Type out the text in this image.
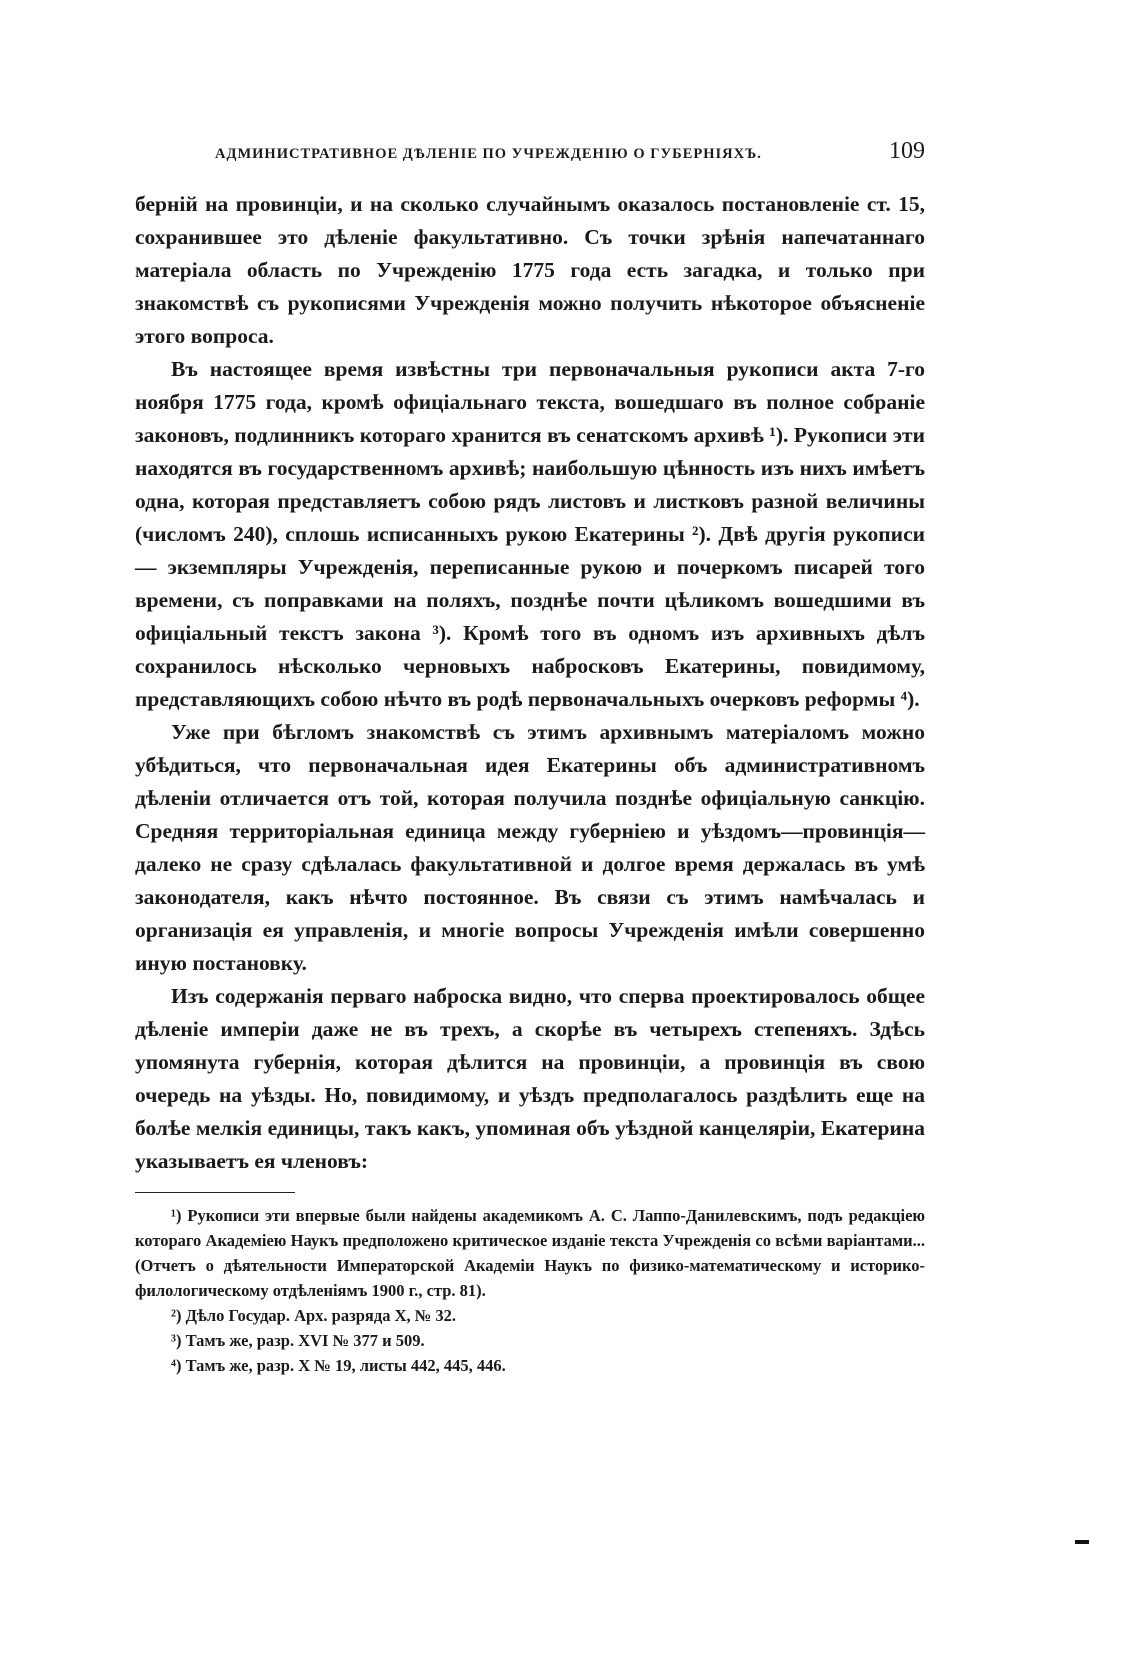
АДМИНИСТРАТИВНОЕ ДѢЛЕНІЕ ПО УЧРЕЖДЕНІЮ О ГУБЕРНІЯХЪ.	109

берній на провинціи, и на сколько случайнымъ оказалось постановленіе ст. 15, сохранившее это дѣленіе факультативно. Съ точки зрѣнія напечатаннаго матеріала область по Учрежденію 1775 года есть загадка, и только при знакомствѣ съ рукописями Учрежденія можно получить нѣкоторое объясненіе этого вопроса.

Въ настоящее время извѣстны три первоначальныя рукописи акта 7-го ноября 1775 года, кромѣ офиціальнаго текста, вошедшаго въ полное собраніе законовъ, подлинникъ котораго хранится въ сенатскомъ архивѣ ¹). Рукописи эти находятся въ государственномъ архивѣ; наибольшую цѣнность изъ нихъ имѣетъ одна, которая представляетъ собою рядъ листовъ и листковъ разной величины (числомъ 240), сплошь исписанныхъ рукою Екатерины ²). Двѣ другія рукописи — экземпляры Учрежденія, переписанные рукою и почеркомъ писарей того времени, съ поправками на поляхъ, позднѣе почти цѣликомъ вошедшими въ офиціальный текстъ закона ³). Кромѣ того въ одномъ изъ архивныхъ дѣлъ сохранилось нѣсколько черновыхъ набросковъ Екатерины, повидимому, представляющихъ собою нѣчто въ родѣ первоначальныхъ очерковъ реформы ⁴).

Уже при бѣгломъ знакомствѣ съ этимъ архивнымъ матеріаломъ можно убѣдиться, что первоначальная идея Екатерины объ административномъ дѣленіи отличается отъ той, которая получила позднѣе офиціальную санкцію. Средняя территоріальная единица между губерніею и уѣздомъ—провинція—далеко не сразу сдѣлалась факультативной и долгое время держалась въ умѣ законодателя, какъ нѣчто постоянное. Въ связи съ этимъ намѣчалась и организація ея управленія, и многіе вопросы Учрежденія имѣли совершенно иную постановку.

Изъ содержанія перваго наброска видно, что сперва проектировалось общее дѣленіе имперіи даже не въ трехъ, а скорѣе въ четырехъ степеняхъ. Здѣсь упомянута губернія, которая дѣлится на провинціи, а провинція въ свою очередь на уѣзды. Но, повидимому, и уѣздъ предполагалось раздѣлить еще на болѣе мелкія единицы, такъ какъ, упоминая объ уѣздной канцеляріи, Екатерина указываетъ ея членовъ:

¹) Рукописи эти впервые были найдены академикомъ А. С. Лаппо-Данилевскимъ, подъ редакціею котораго Академіею Наукъ предположено критическое изданіе текста Учрежденія со всѣми варіантами... (Отчетъ о дѣятельности Императорской Академіи Наукъ по физико-математическому и историко-филологическому отдѣленіямъ 1900 г., стр. 81).

²) Дѣло Государ. Арх. разряда X, № 32.

³) Тамъ же, разр. XVI № 377 и 509.

⁴) Тамъ же, разр. X № 19, листы 442, 445, 446.
